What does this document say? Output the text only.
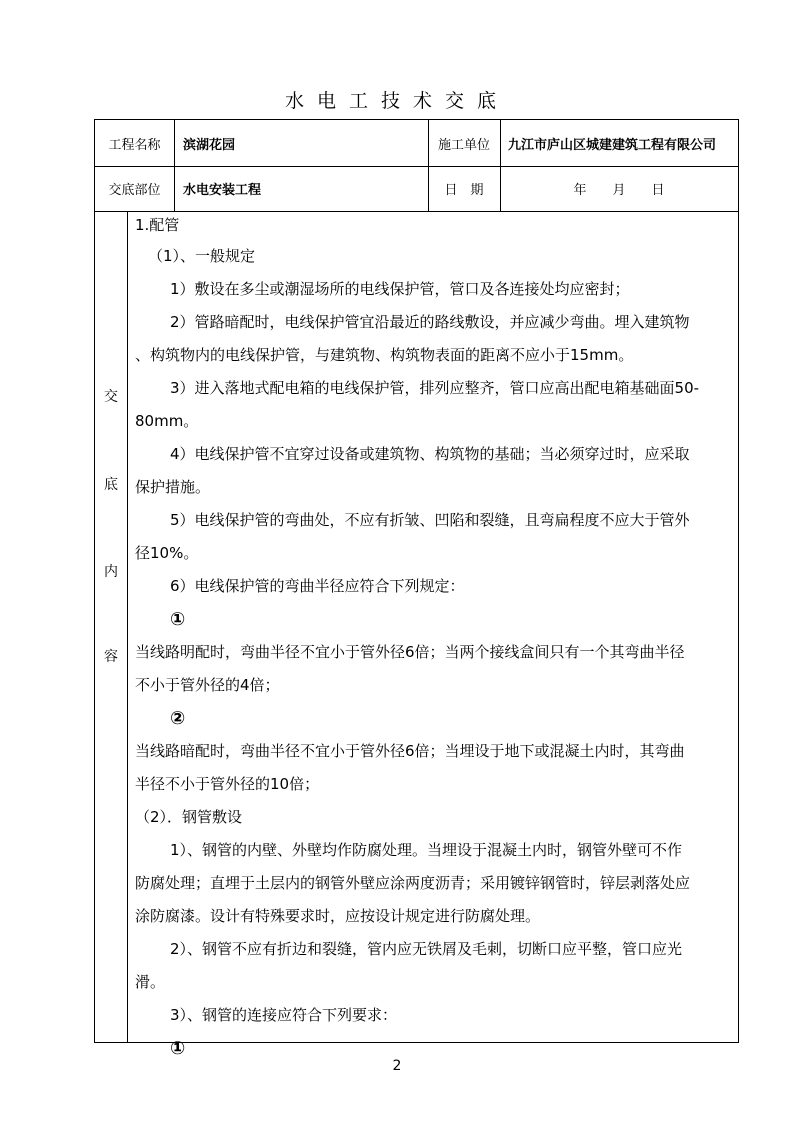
水电工技术交底
工程名称	滨湖花园	施工单位	九江市庐山区城建建筑工程有限公司
交底部位	水电安装工程	日　期	年　　月　　日
交
底
内
容

1.配管

（1）、一般规定

1）敷设在多尘或潮湿场所的电线保护管，管口及各连接处均应密封；

2）管路暗配时，电线保护管宜沿最近的路线敷设，并应减少弯曲。埋入建筑物

、构筑物内的电线保护管，与建筑物、构筑物表面的距离不应小于15mm。

3）进入落地式配电箱的电线保护管，排列应整齐，管口应高出配电箱基础面50-

80mm。

4）电线保护管不宜穿过设备或建筑物、构筑物的基础；当必须穿过时，应采取

保护措施。

5）电线保护管的弯曲处，不应有折皱、凹陷和裂缝，且弯扁程度不应大于管外

径10%。

6）电线保护管的弯曲半径应符合下列规定：

①

当线路明配时，弯曲半径不宜小于管外径6倍；当两个接线盒间只有一个其弯曲半径

不小于管外径的4倍；

②

当线路暗配时，弯曲半径不宜小于管外径6倍；当埋设于地下或混凝土内时，其弯曲

半径不小于管外径的10倍；

（2）．钢管敷设

1）、钢管的内壁、外壁均作防腐处理。当埋设于混凝土内时，钢管外壁可不作

防腐处理；直埋于土层内的钢管外壁应涂两度沥青；采用镀锌钢管时，锌层剥落处应

涂防腐漆。设计有特殊要求时，应按设计规定进行防腐处理。

2）、钢管不应有折边和裂缝，管内应无铁屑及毛刺，切断口应平整，管口应光

滑。

3）、钢管的连接应符合下列要求：

①

2
